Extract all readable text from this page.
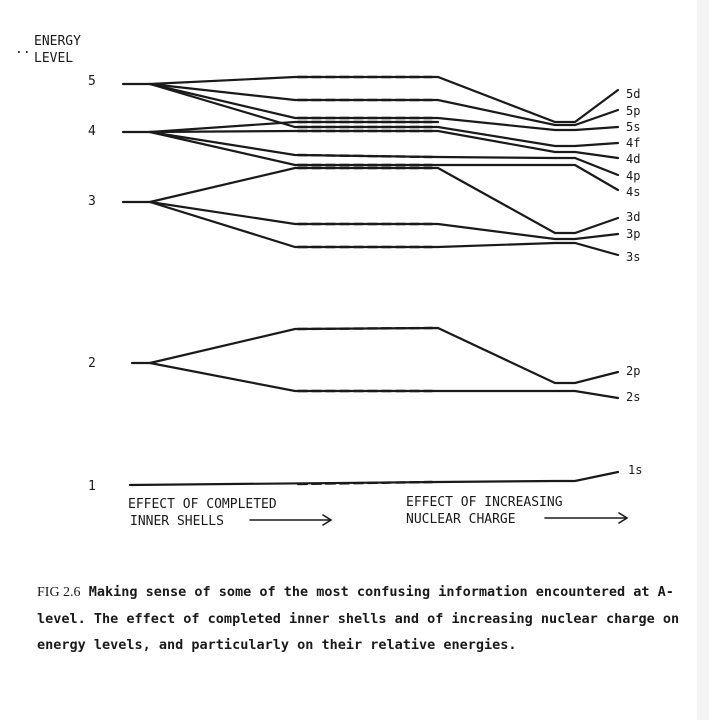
ENERGY
LEVEL
..
5
4
3
2
1
5d
5p
5s
4f
4d
4p
4s
3d
3p
3s
2p
2s
1s
EFFECT OF COMPLETED
INNER SHELLS
EFFECT OF INCREASING
NUCLEAR CHARGE
FIG 2.6 Making sense of some of the most confusing information encountered at A-level. The effect of completed inner shells and of increasing nuclear charge on energy levels, and particularly on their relative energies.
